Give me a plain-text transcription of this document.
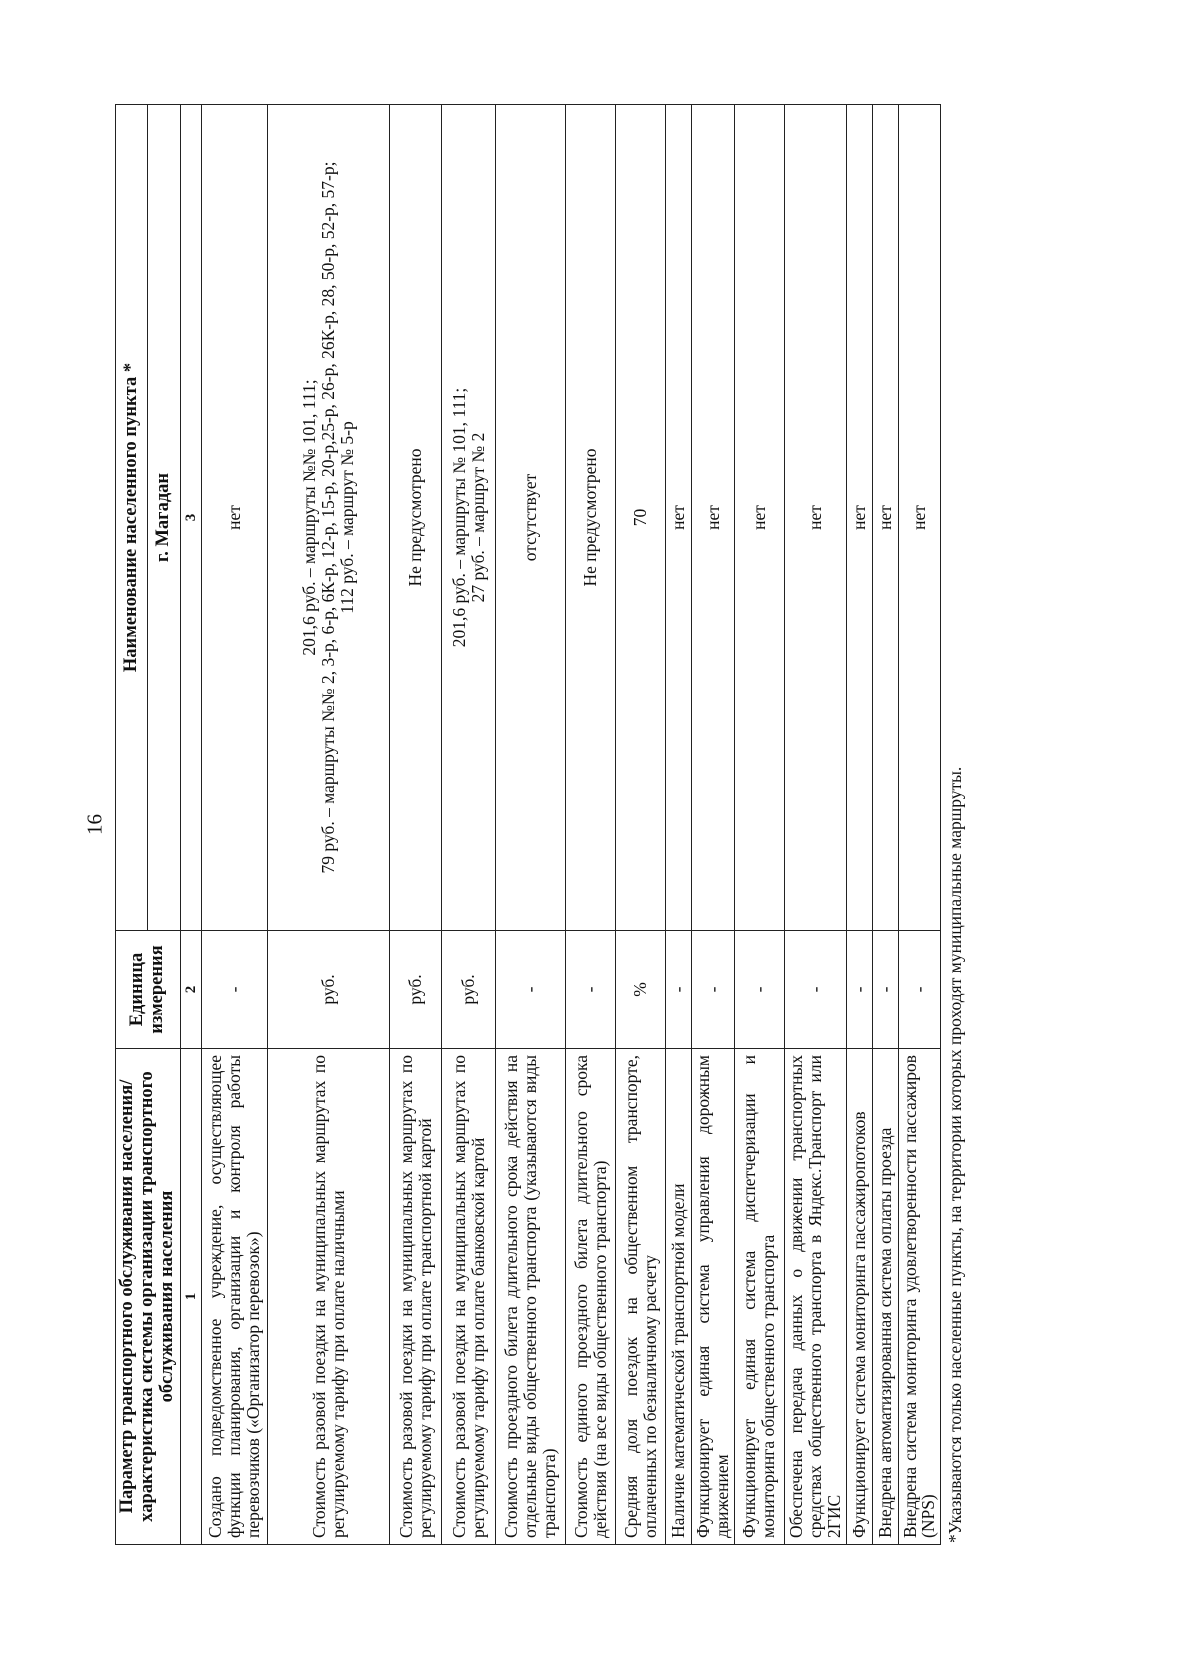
16
Параметр транспортного обслуживания населения/ характеристика системы организации транспортного обслуживания населения	Единица измерения	Наименование населенного пункта *
		г. Магадан
1	2	3
Создано подведомственное учреждение, осуществляющее функции планирования, организации и контроля работы перевозчиков («Организатор перевозок»)	-	нет

Стоимость разовой поездки на муниципальных маршрутах по регулируемому тарифу при оплате наличными	руб.	201,6 руб. – маршруты №№ 101, 111;
79 руб. – маршруты №№ 2, 3-р, 6-р, 6К-р, 12-р, 15-р, 20-р,25-р, 26-р, 26К-р, 28, 50-р, 52-р, 57-р;
112 руб. – маршрут № 5-р

Стоимость разовой поездки на муниципальных маршрутах по регулируемому тарифу при оплате транспортной картой	руб.	Не предусмотрено

Стоимость разовой поездки на муниципальных маршрутах по регулируемому тарифу при оплате банковской картой	руб.	201,6 руб. – маршруты № 101, 111;
27 руб. – маршрут № 2

Стоимость проездного билета длительного срока действия на отдельные виды общественного транспорта (указываются виды транспорта)	-	отсутствует

Стоимость единого проездного билета длительного срока действия (на все виды общественного транспорта)	-	Не предусмотрено

Средняя доля поездок на общественном транспорте, оплаченных по безналичному расчету	%	70

Наличие математической транспортной модели	-	нет

Функционирует единая система управления дорожным движением	-	нет

Функционирует единая система диспетчеризации и мониторинга общественного транспорта	-	нет

Обеспечена передача данных о движении транспортных средствах общественного транспорта в Яндекс.Транспорт или 2ГИС	-	нет

Функционирует система мониторинга пассажиропотоков	-	нет

Внедрена автоматизированная система оплаты проезда	-	нет

Внедрена система мониторинга удовлетворенности пассажиров (NPS)	-	нет
*Указываются только населенные пункты, на территории которых проходят муниципальные маршруты.
